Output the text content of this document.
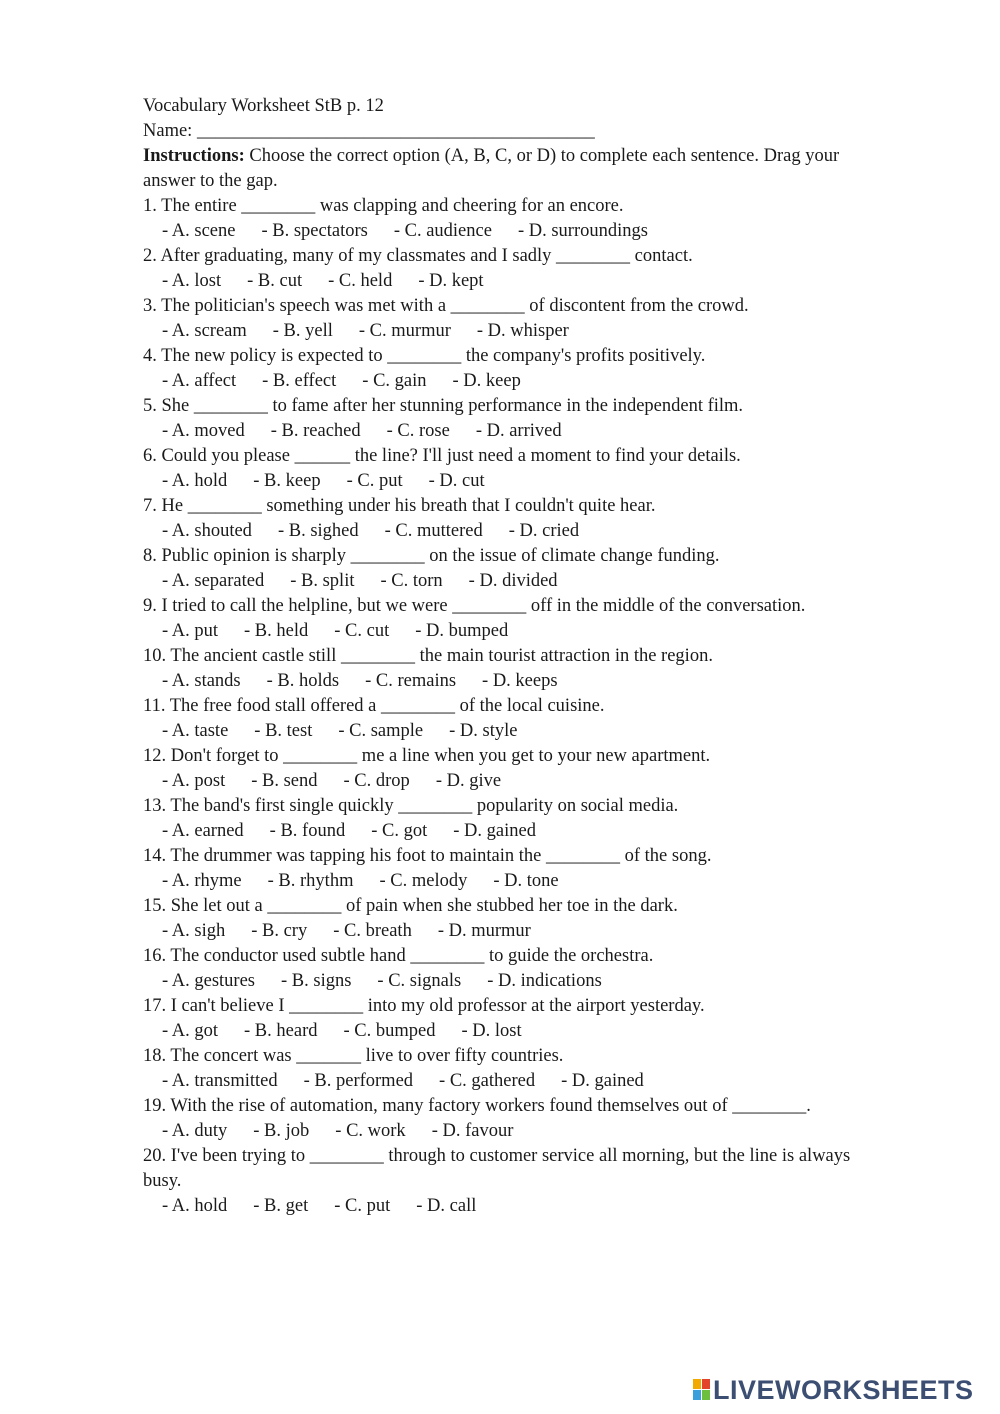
Vocabulary Worksheet StB p. 12
Name: ___________________________________________
Instructions: Choose the correct option (A, B, C, or D) to complete each sentence. Drag your
answer to the gap.
1. The entire ________ was clapping and cheering for an encore.
- A. scene - B. spectators - C. audience - D. surroundings
2. After graduating, many of my classmates and I sadly ________ contact.
- A. lost - B. cut - C. held - D. kept
3. The politician's speech was met with a ________ of discontent from the crowd.
- A. scream - B. yell - C. murmur - D. whisper
4. The new policy is expected to ________ the company's profits positively.
- A. affect - B. effect - C. gain - D. keep
5. She ________ to fame after her stunning performance in the independent film.
- A. moved - B. reached - C. rose - D. arrived
6. Could you please ______ the line? I'll just need a moment to find your details.
- A. hold - B. keep - C. put - D. cut
7. He ________ something under his breath that I couldn't quite hear.
- A. shouted - B. sighed - C. muttered - D. cried
8. Public opinion is sharply ________ on the issue of climate change funding.
- A. separated - B. split - C. torn - D. divided
9. I tried to call the helpline, but we were ________ off in the middle of the conversation.
- A. put - B. held - C. cut - D. bumped
10. The ancient castle still ________ the main tourist attraction in the region.
- A. stands - B. holds - C. remains - D. keeps
11. The free food stall offered a ________ of the local cuisine.
- A. taste - B. test - C. sample - D. style
12. Don't forget to ________ me a line when you get to your new apartment.
- A. post - B. send - C. drop - D. give
13. The band's first single quickly ________ popularity on social media.
- A. earned - B. found - C. got - D. gained
14. The drummer was tapping his foot to maintain the ________ of the song.
- A. rhyme - B. rhythm - C. melody - D. tone
15. She let out a ________ of pain when she stubbed her toe in the dark.
- A. sigh - B. cry - C. breath - D. murmur
16. The conductor used subtle hand ________ to guide the orchestra.
- A. gestures - B. signs - C. signals - D. indications
17. I can't believe I ________ into my old professor at the airport yesterday.
- A. got - B. heard - C. bumped - D. lost
18. The concert was _______ live to over fifty countries.
- A. transmitted - B. performed - C. gathered - D. gained
19. With the rise of automation, many factory workers found themselves out of ________.
- A. duty - B. job - C. work - D. favour
20. I've been trying to ________ through to customer service all morning, but the line is always
busy.
- A. hold - B. get - C. put - D. call
LIVEWORKSHEETS
